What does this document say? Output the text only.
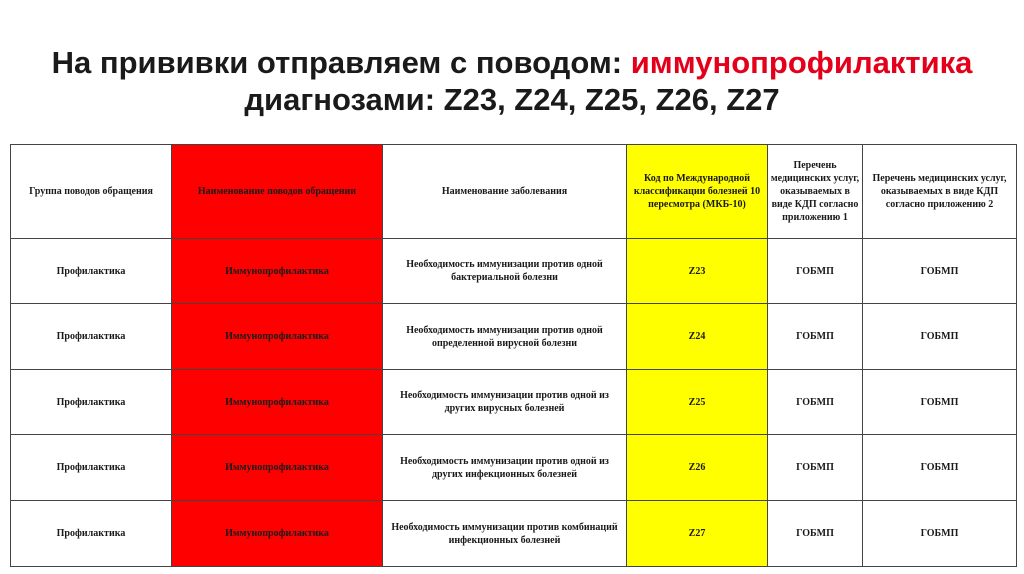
На прививки отправляем с поводом: иммунопрофилактика
диагнозами: Z23, Z24, Z25, Z26, Z27
Группа поводов обращения	Наименование поводов обращении	Наименование заболевания	Код по Международной классификации болезней 10 пересмотра (МКБ-10)	Перечень медицинских услуг, оказываемых в виде КДП согласно приложению 1	Перечень медицинских услуг, оказываемых в виде КДП согласно приложению 2
Профилактика	Иммунопрофилактика	Необходимость иммунизации против одной бактериальной болезни	Z23	ГОБМП	ГОБМП
Профилактика	Иммунопрофилактика	Необходимость иммунизации против одной определенной вирусной болезни	Z24	ГОБМП	ГОБМП
Профилактика	Иммунопрофилактика	Необходимость иммунизации против одной из других вирусных болезней	Z25	ГОБМП	ГОБМП
Профилактика	Иммунопрофилактика	Необходимость иммунизации против одной из других инфекционных болезней	Z26	ГОБМП	ГОБМП
Профилактика	Иммунопрофилактика	Необходимость иммунизации против комбинаций инфекционных болезней	Z27	ГОБМП	ГОБМП
